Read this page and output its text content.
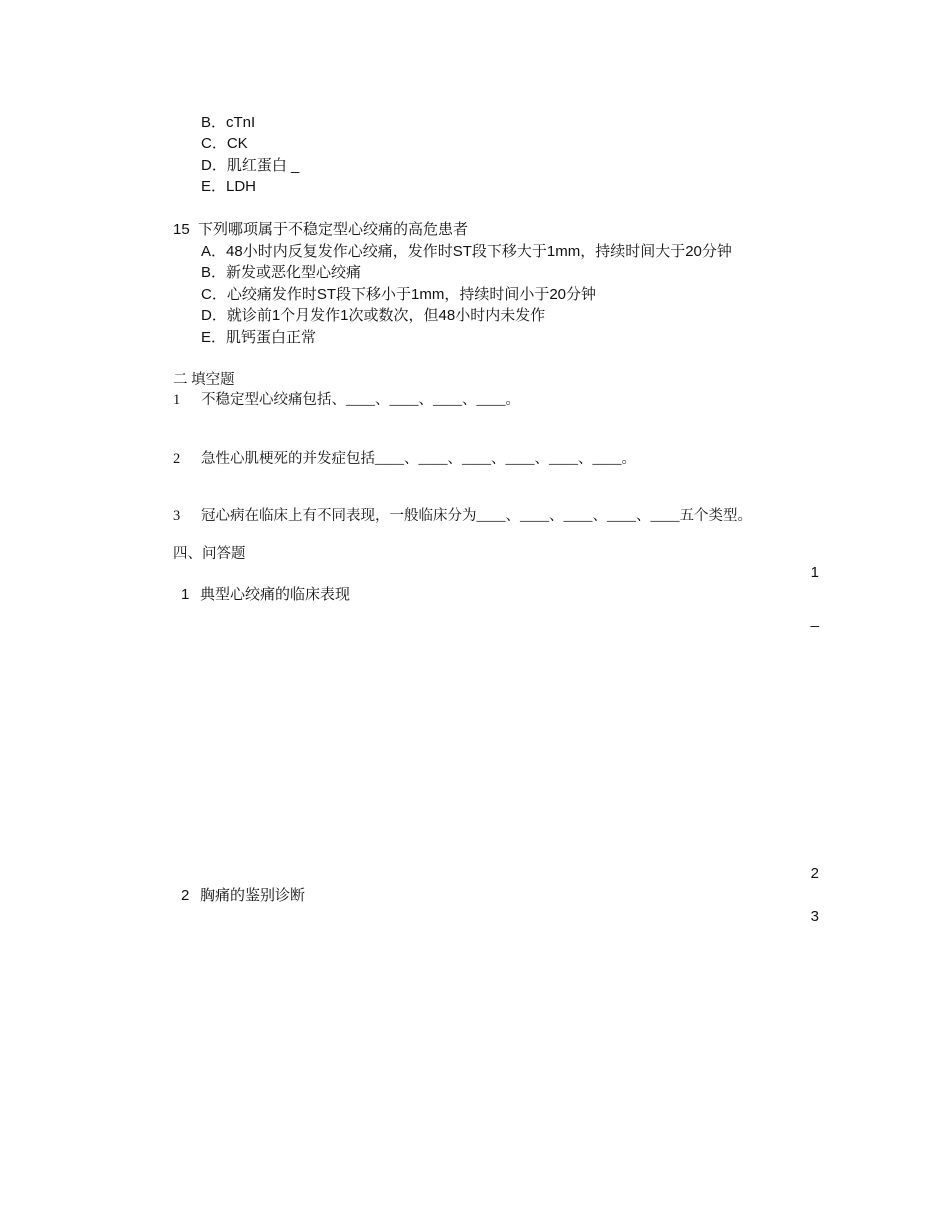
B．cTnI
C．CK
D．肌红蛋白 _
E．LDH
15 下列哪项属于不稳定型心绞痛的高危患者
A．48小时内反复发作心绞痛，发作时ST段下移大于1mm，持续时间大于20分钟
B．新发或恶化型心绞痛
C．心绞痛发作时ST段下移小于1mm，持续时间小于20分钟
D．就诊前1个月发作1次或数次，但48小时内未发作
E．肌钙蛋白正常
二 填空题
1 不稳定型心绞痛包括、____、____、____、____。
2 急性心肌梗死的并发症包括____、____、____、____、____、____。
3 冠心病在临床上有不同表现，一般临床分为____、____、____、____、____五个类型。
四、问答题
1
1 典型心绞痛的临床表现
_
2
2 胸痛的鉴别诊断
3
